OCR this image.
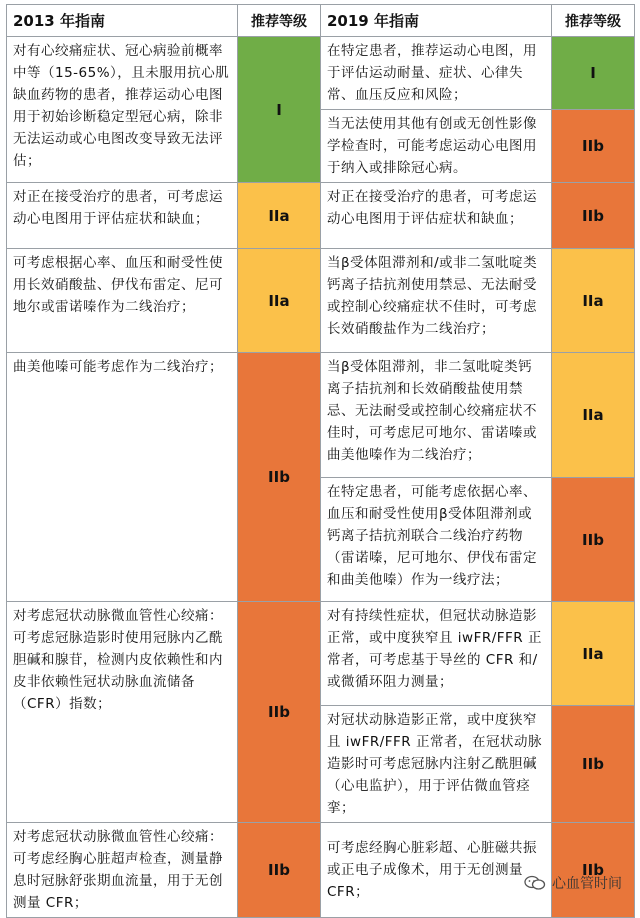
2013 年指南	推荐等级	2019 年指南	推荐等级
对有心绞痛症状、冠心病验前概率中等（15-65%），且未服用抗心肌缺血药物的患者，推荐运动心电图用于初始诊断稳定型冠心病，除非无法运动或心电图改变导致无法评估；	I	在特定患者，推荐运动心电图，用于评估运动耐量、症状、心律失常、血压反应和风险；	I
		当无法使用其他有创或无创性影像学检查时，可能考虑运动心电图用于纳入或排除冠心病。	IIb
对正在接受治疗的患者，可考虑运动心电图用于评估症状和缺血；	IIa	对正在接受治疗的患者，可考虑运动心电图用于评估症状和缺血；	IIb
可考虑根据心率、血压和耐受性使用长效硝酸盐、伊伐布雷定、尼可地尔或雷诺嗪作为二线治疗；	IIa	当β受体阻滞剂和/或非二氢吡啶类钙离子拮抗剂使用禁忌、无法耐受或控制心绞痛症状不佳时，可考虑长效硝酸盐作为二线治疗；	IIa
曲美他嗪可能考虑作为二线治疗；	IIb	当β受体阻滞剂，非二氢吡啶类钙离子拮抗剂和长效硝酸盐使用禁忌、无法耐受或控制心绞痛症状不佳时，可考虑尼可地尔、雷诺嗪或曲美他嗪作为二线治疗；	IIa
		在特定患者，可能考虑依据心率、血压和耐受性使用β受体阻滞剂或钙离子拮抗剂联合二线治疗药物（雷诺嗪，尼可地尔、伊伐布雷定和曲美他嗪）作为一线疗法；	IIb
对考虑冠状动脉微血管性心绞痛：可考虑冠脉造影时使用冠脉内乙酰胆碱和腺苷，检测内皮依赖性和内皮非依赖性冠状动脉血流储备（CFR）指数；	IIb	对有持续性症状，但冠状动脉造影正常，或中度狭窄且 iwFR/FFR 正常者，可考虑基于导丝的 CFR 和/或微循环阻力测量；	IIa
		对冠状动脉造影正常，或中度狭窄且 iwFR/FFR 正常者，在冠状动脉造影时可考虑冠脉内注射乙酰胆碱（心电监护），用于评估微血管痉挛；	IIb
对考虑冠状动脉微血管性心绞痛：可考虑经胸心脏超声检查，测量静息时冠脉舒张期血流量，用于无创测量 CFR；	IIb	可考虑经胸心脏彩超、心脏磁共振或正电子成像术，用于无创测量 CFR；	IIb
心血管时间
